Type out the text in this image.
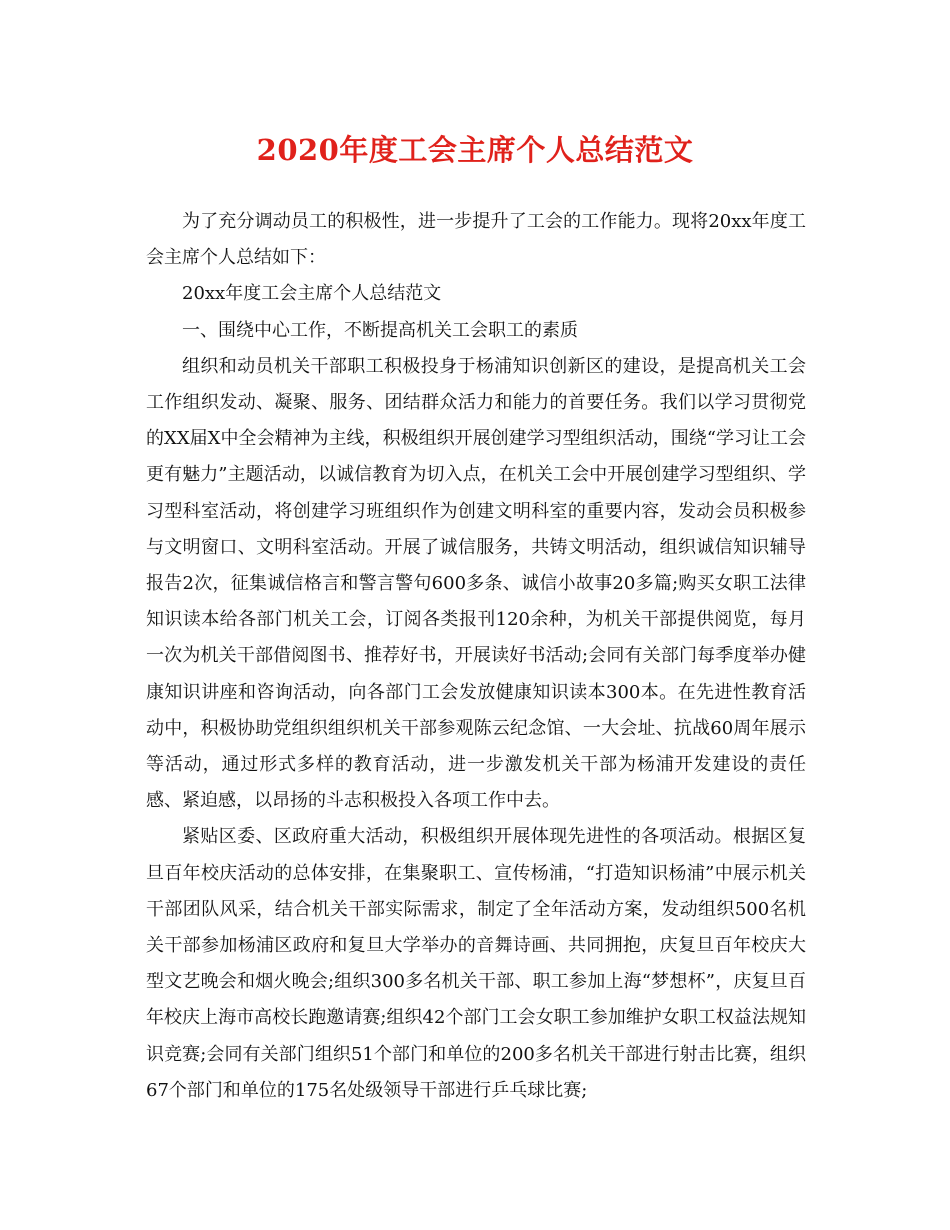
2020年度工会主席个人总结范文

为了充分调动员工的积极性，进一步提升了工会的工作能力。现将20xx年度工会主席个人总结如下：

20xx年度工会主席个人总结范文

一、围绕中心工作，不断提高机关工会职工的素质

组织和动员机关干部职工积极投身于杨浦知识创新区的建设，是提高机关工会工作组织发动、凝聚、服务、团结群众活力和能力的首要任务。我们以学习贯彻党的XX届X中全会精神为主线，积极组织开展创建学习型组织活动，围绕“学习让工会更有魅力”主题活动，以诚信教育为切入点，在机关工会中开展创建学习型组织、学习型科室活动，将创建学习班组织作为创建文明科室的重要内容，发动会员积极参与文明窗口、文明科室活动。开展了诚信服务，共铸文明活动，组织诚信知识辅导报告2次，征集诚信格言和警言警句600多条、诚信小故事20多篇;购买女职工法律知识读本给各部门机关工会，订阅各类报刊120余种，为机关干部提供阅览，每月一次为机关干部借阅图书、推荐好书，开展读好书活动;会同有关部门每季度举办健康知识讲座和咨询活动，向各部门工会发放健康知识读本300本。在先进性教育活动中，积极协助党组织组织机关干部参观陈云纪念馆、一大会址、抗战60周年展示等活动，通过形式多样的教育活动，进一步激发机关干部为杨浦开发建设的责任感、紧迫感，以昂扬的斗志积极投入各项工作中去。

紧贴区委、区政府重大活动，积极组织开展体现先进性的各项活动。根据区复旦百年校庆活动的总体安排，在集聚职工、宣传杨浦，“打造知识杨浦”中展示机关干部团队风采，结合机关干部实际需求，制定了全年活动方案，发动组织500名机关干部参加杨浦区政府和复旦大学举办的音舞诗画、共同拥抱，庆复旦百年校庆大型文艺晚会和烟火晚会;组织300多名机关干部、职工参加上海“梦想杯”，庆复旦百年校庆上海市高校长跑邀请赛;组织42个部门工会女职工参加维护女职工权益法规知识竞赛;会同有关部门组织51个部门和单位的200多名机关干部进行射击比赛，组织67个部门和单位的175名处级领导干部进行乒乓球比赛;
